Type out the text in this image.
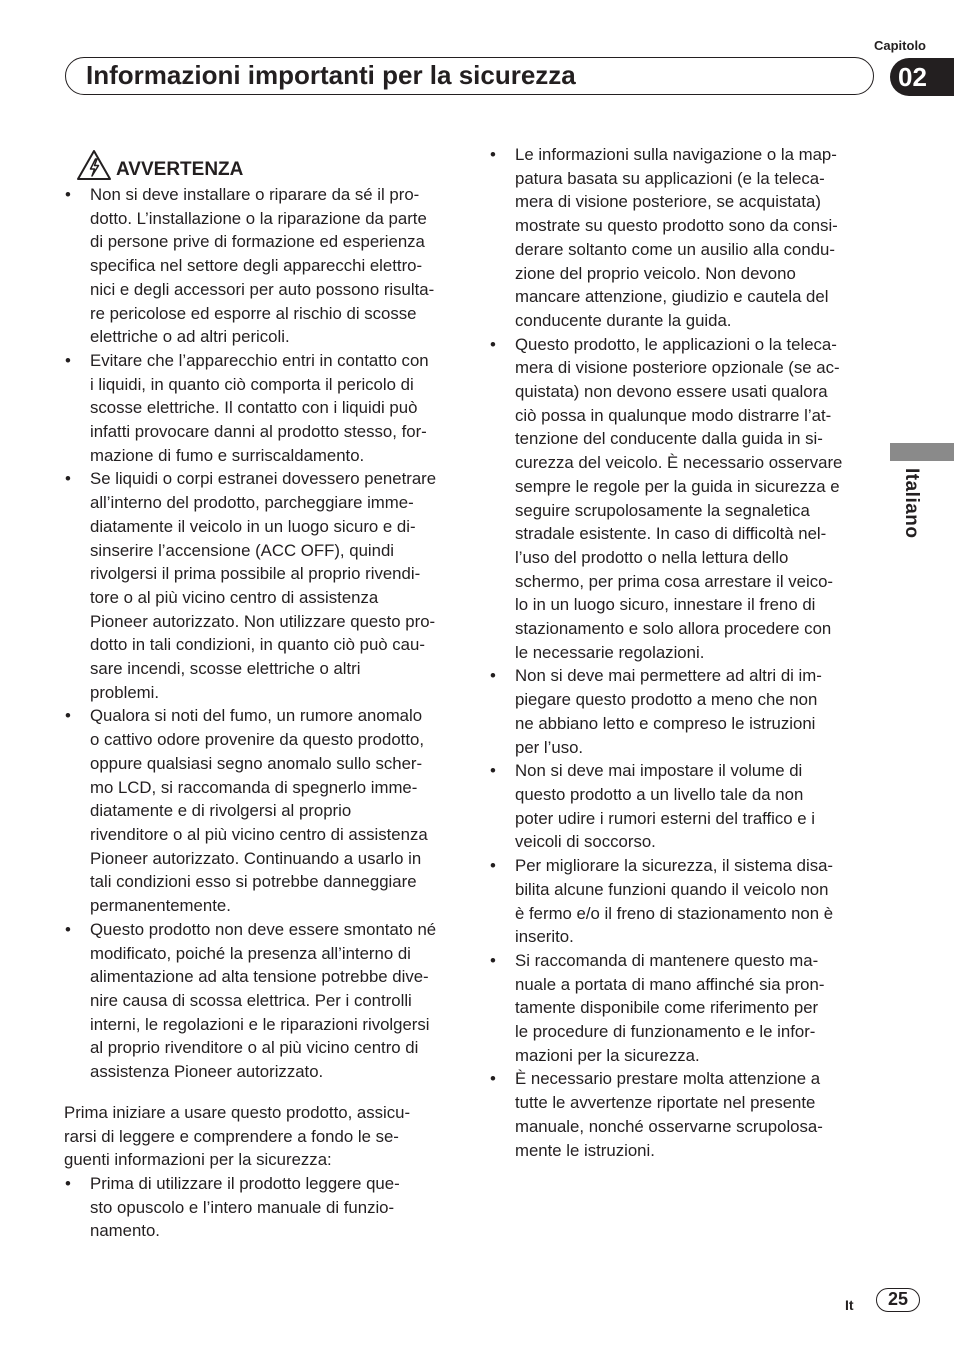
Capitolo
02
Informazioni importanti per la sicurezza
Italiano
AVVERTENZA
• Non si deve installare o riparare da sé il pro-
dotto. L’installazione o la riparazione da parte
di persone prive di formazione ed esperienza
specifica nel settore degli apparecchi elettro-
nici e degli accessori per auto possono risulta-
re pericolose ed esporre al rischio di scosse
elettriche o ad altri pericoli.
• Evitare che l’apparecchio entri in contatto con
i liquidi, in quanto ciò comporta il pericolo di
scosse elettriche. Il contatto con i liquidi può
infatti provocare danni al prodotto stesso, for-
mazione di fumo e surriscaldamento.
• Se liquidi o corpi estranei dovessero penetrare
all’interno del prodotto, parcheggiare imme-
diatamente il veicolo in un luogo sicuro e di-
sinserire l’accensione (ACC OFF), quindi
rivolgersi il prima possibile al proprio rivendi-
tore o al più vicino centro di assistenza
Pioneer autorizzato. Non utilizzare questo pro-
dotto in tali condizioni, in quanto ciò può cau-
sare incendi, scosse elettriche o altri
problemi.
• Qualora si noti del fumo, un rumore anomalo
o cattivo odore provenire da questo prodotto,
oppure qualsiasi segno anomalo sullo scher-
mo LCD, si raccomanda di spegnerlo imme-
diatamente e di rivolgersi al proprio
rivenditore o al più vicino centro di assistenza
Pioneer autorizzato. Continuando a usarlo in
tali condizioni esso si potrebbe danneggiare
permanentemente.
• Questo prodotto non deve essere smontato né
modificato, poiché la presenza all’interno di
alimentazione ad alta tensione potrebbe dive-
nire causa di scossa elettrica. Per i controlli
interni, le regolazioni e le riparazioni rivolgersi
al proprio rivenditore o al più vicino centro di
assistenza Pioneer autorizzato.
Prima iniziare a usare questo prodotto, assicu-
rarsi di leggere e comprendere a fondo le se-
guenti informazioni per la sicurezza:
• Prima di utilizzare il prodotto leggere que-
sto opuscolo e l’intero manuale di funzio-
namento.
• Le informazioni sulla navigazione o la map-
patura basata su applicazioni (e la teleca-
mera di visione posteriore, se acquistata)
mostrate su questo prodotto sono da consi-
derare soltanto come un ausilio alla condu-
zione del proprio veicolo. Non devono
mancare attenzione, giudizio e cautela del
conducente durante la guida.
• Questo prodotto, le applicazioni o la teleca-
mera di visione posteriore opzionale (se ac-
quistata) non devono essere usati qualora
ciò possa in qualunque modo distrarre l’at-
tenzione del conducente dalla guida in si-
curezza del veicolo. È necessario osservare
sempre le regole per la guida in sicurezza e
seguire scrupolosamente la segnaletica
stradale esistente. In caso di difficoltà nel-
l’uso del prodotto o nella lettura dello
schermo, per prima cosa arrestare il veico-
lo in un luogo sicuro, innestare il freno di
stazionamento e solo allora procedere con
le necessarie regolazioni.
• Non si deve mai permettere ad altri di im-
piegare questo prodotto a meno che non
ne abbiano letto e compreso le istruzioni
per l’uso.
• Non si deve mai impostare il volume di
questo prodotto a un livello tale da non
poter udire i rumori esterni del traffico e i
veicoli di soccorso.
• Per migliorare la sicurezza, il sistema disa-
bilita alcune funzioni quando il veicolo non
è fermo e/o il freno di stazionamento non è
inserito.
• Si raccomanda di mantenere questo ma-
nuale a portata di mano affinché sia pron-
tamente disponibile come riferimento per
le procedure di funzionamento e le infor-
mazioni per la sicurezza.
• È necessario prestare molta attenzione a
tutte le avvertenze riportate nel presente
manuale, nonché osservarne scrupolosa-
mente le istruzioni.
It	25
